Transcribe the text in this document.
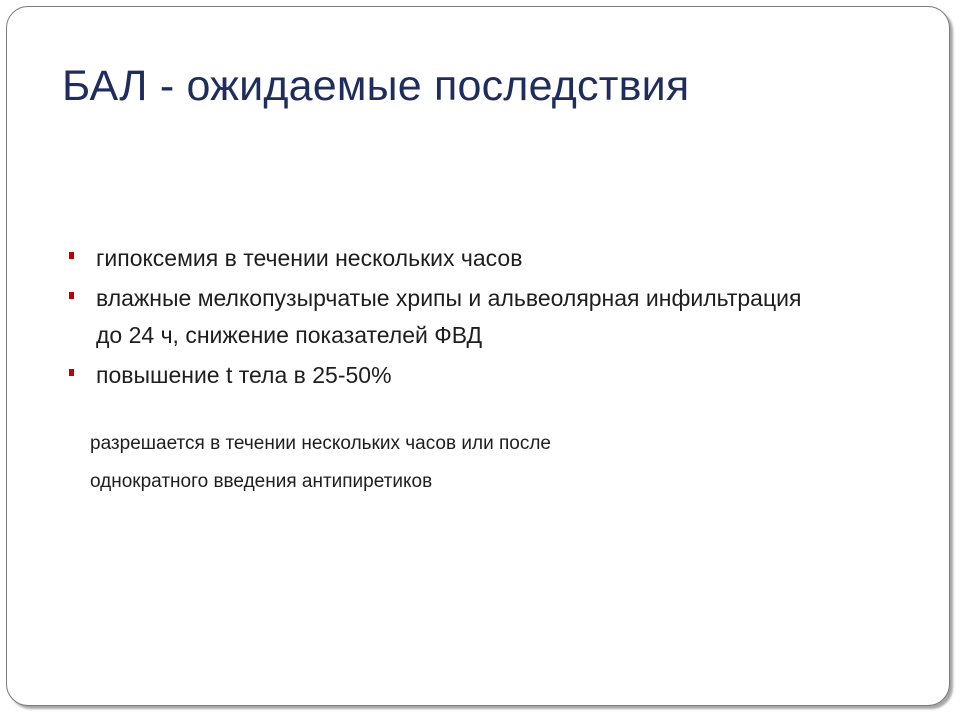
БАЛ - ожидаемые последствия
гипоксемия в течении нескольких часов
влажные мелкопузырчатые хрипы и альвеолярная инфильтрация до 24 ч, снижение показателей ФВД
повышение t тела в 25-50%
разрешается в течении нескольких часов или после
однократного введения антипиретиков
